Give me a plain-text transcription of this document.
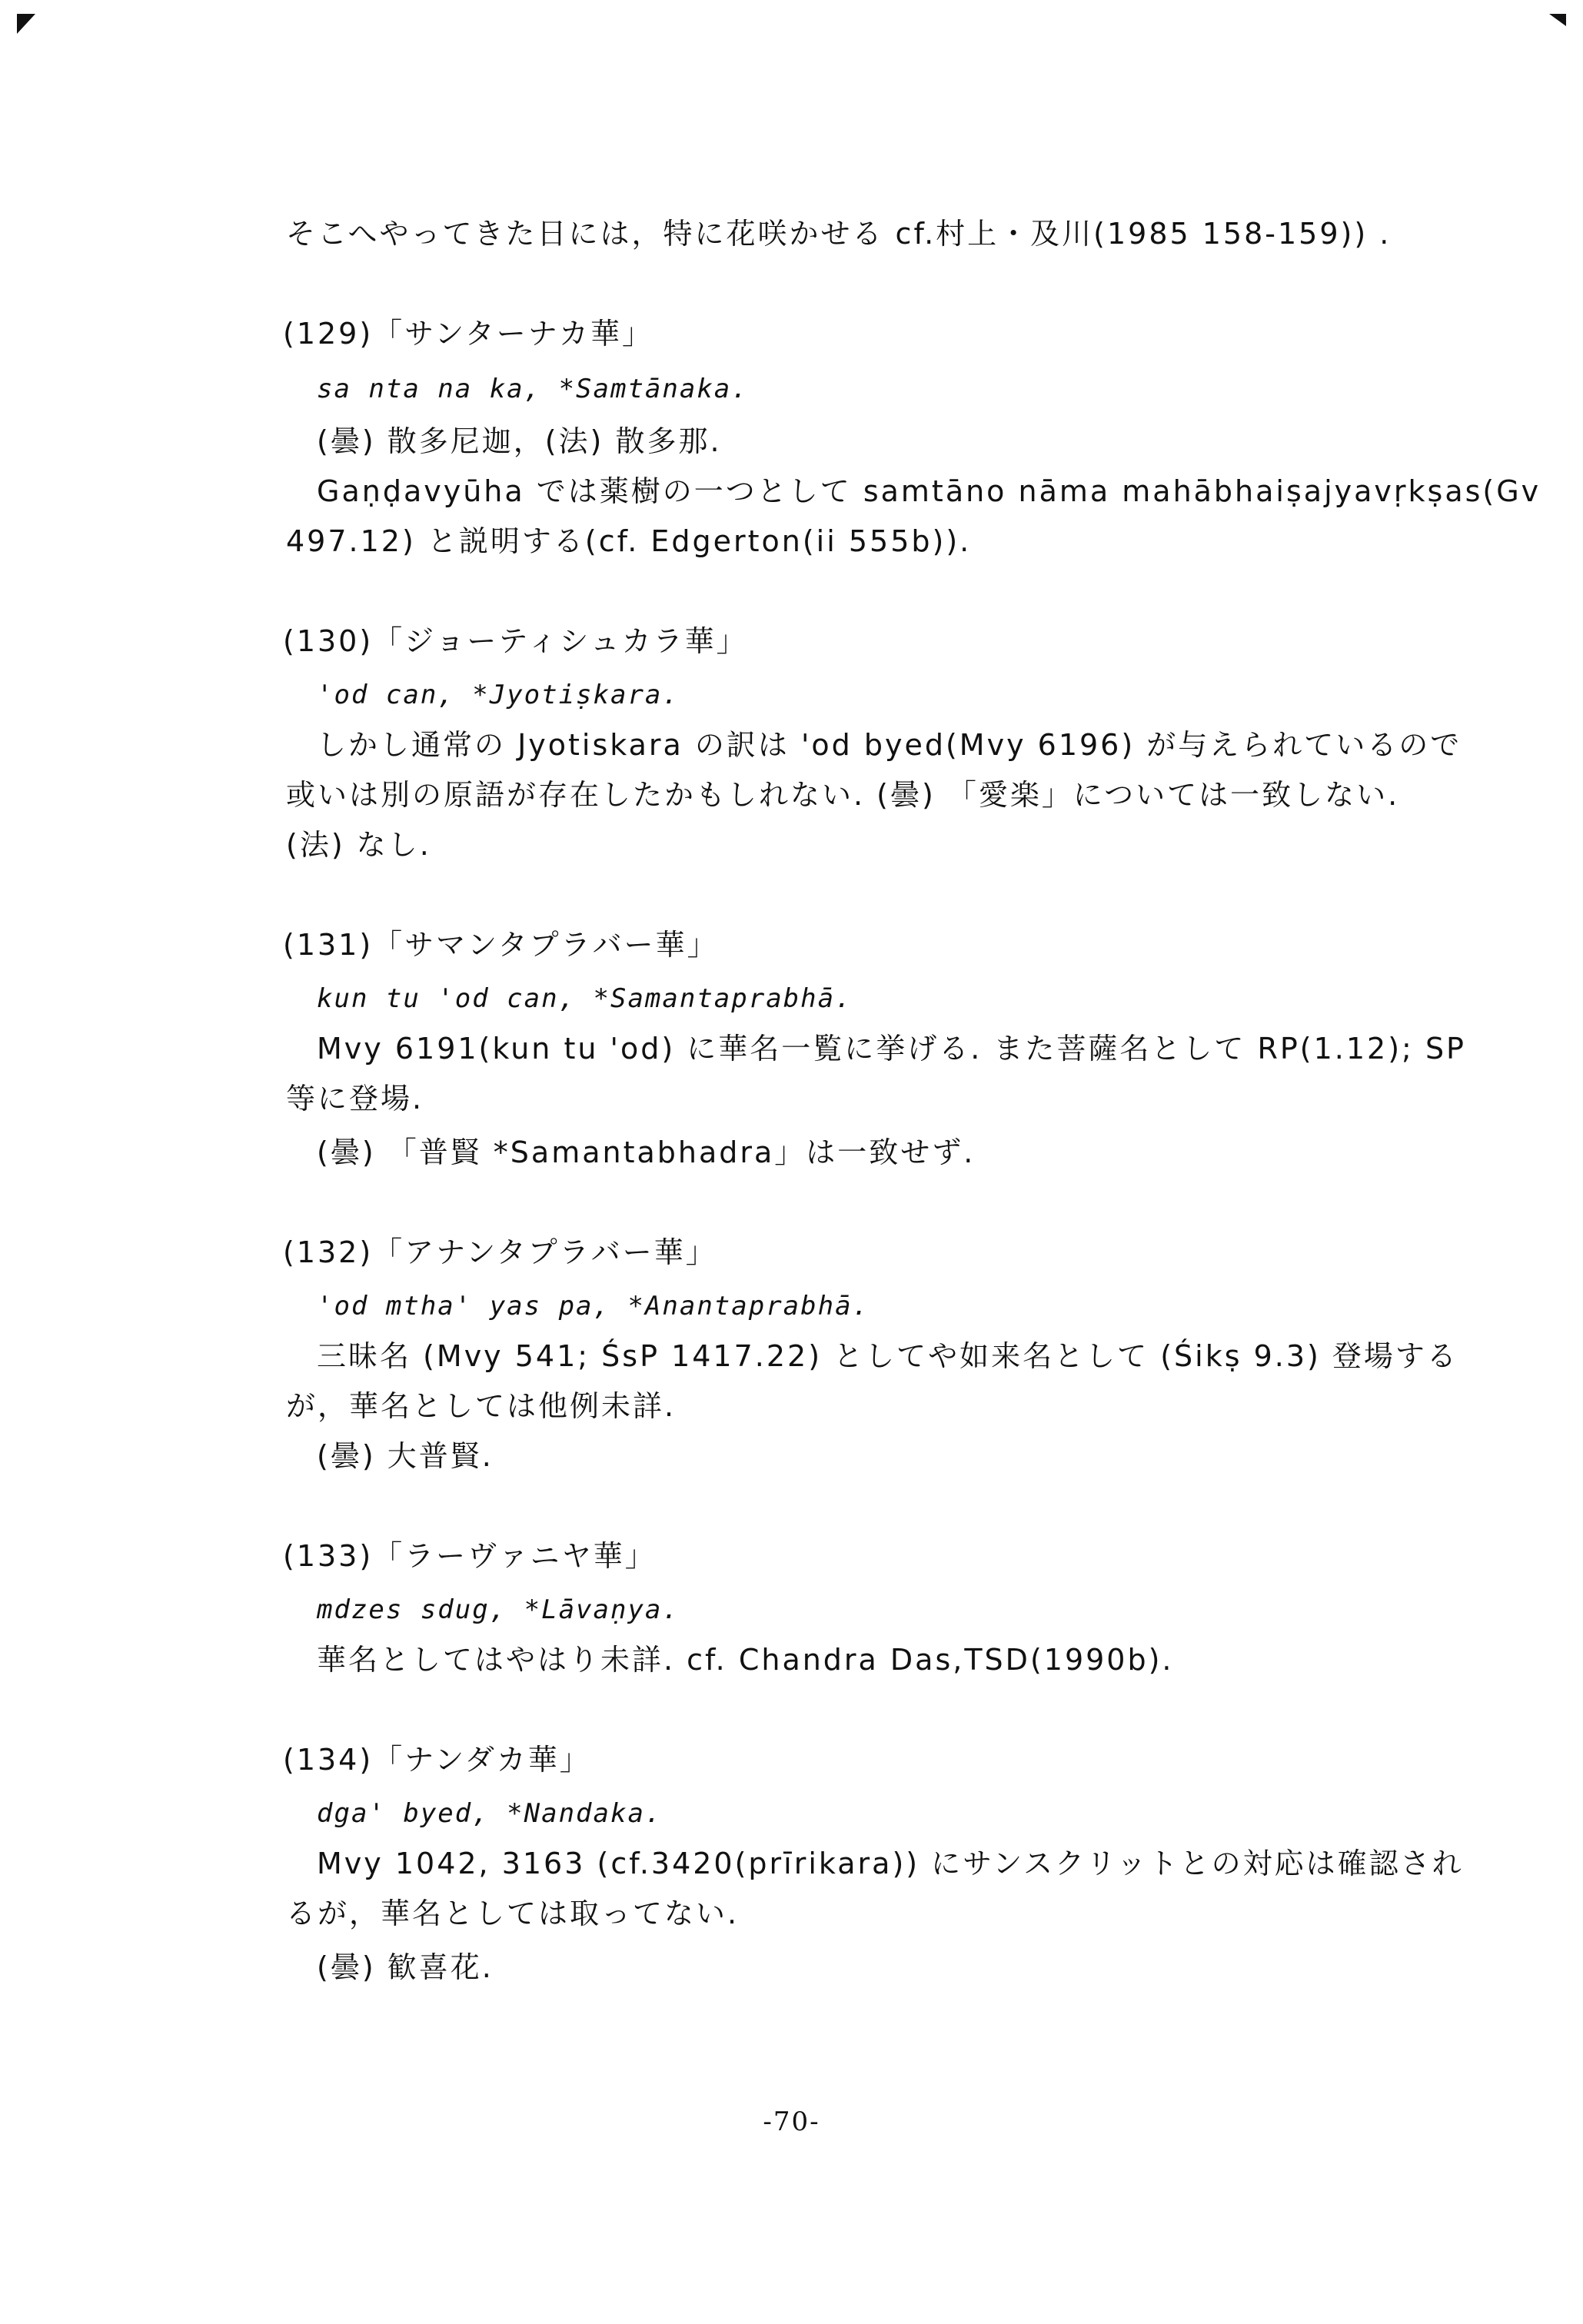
そこへやってきた日には，特に花咲かせる cf.村上・及川(1985 158-159)) .
(129)「サンターナカ華」
sa nta na ka, *Samtānaka.
(曇) 散多尼迦，(法) 散多那.
Gaṇḍavyūha では薬樹の一つとして samtāno nāma mahābhaiṣajyavṛkṣas(Gv
497.12) と説明する(cf. Edgerton(ii 555b)).
(130)「ジョーティシュカラ華」
'od can, *Jyotiṣkara.
しかし通常の Jyotiskara の訳は 'od byed(Mvy 6196) が与えられているので
或いは別の原語が存在したかもしれない. (曇) 「愛楽」については一致しない.
(法) なし.
(131)「サマンタプラバー華」
kun tu 'od can, *Samantaprabhā.
Mvy 6191(kun tu 'od) に華名一覧に挙げる. また菩薩名として RP(1.12); SP
等に登場.
(曇) 「普賢 *Samantabhadra」は一致せず.
(132)「アナンタプラバー華」
'od mtha' yas pa, *Anantaprabhā.
三昧名 (Mvy 541; ŚsP 1417.22) としてや如来名として (Śikṣ 9.3) 登場する
が，華名としては他例未詳.
(曇) 大普賢.
(133)「ラーヴァニヤ華」
mdzes sdug, *Lāvaṇya.
華名としてはやはり未詳. cf. Chandra Das,TSD(1990b).
(134)「ナンダカ華」
dga' byed, *Nandaka.
Mvy 1042, 3163 (cf.3420(prīrikara)) にサンスクリットとの対応は確認され
るが，華名としては取ってない.
(曇) 歓喜花.
-70-
